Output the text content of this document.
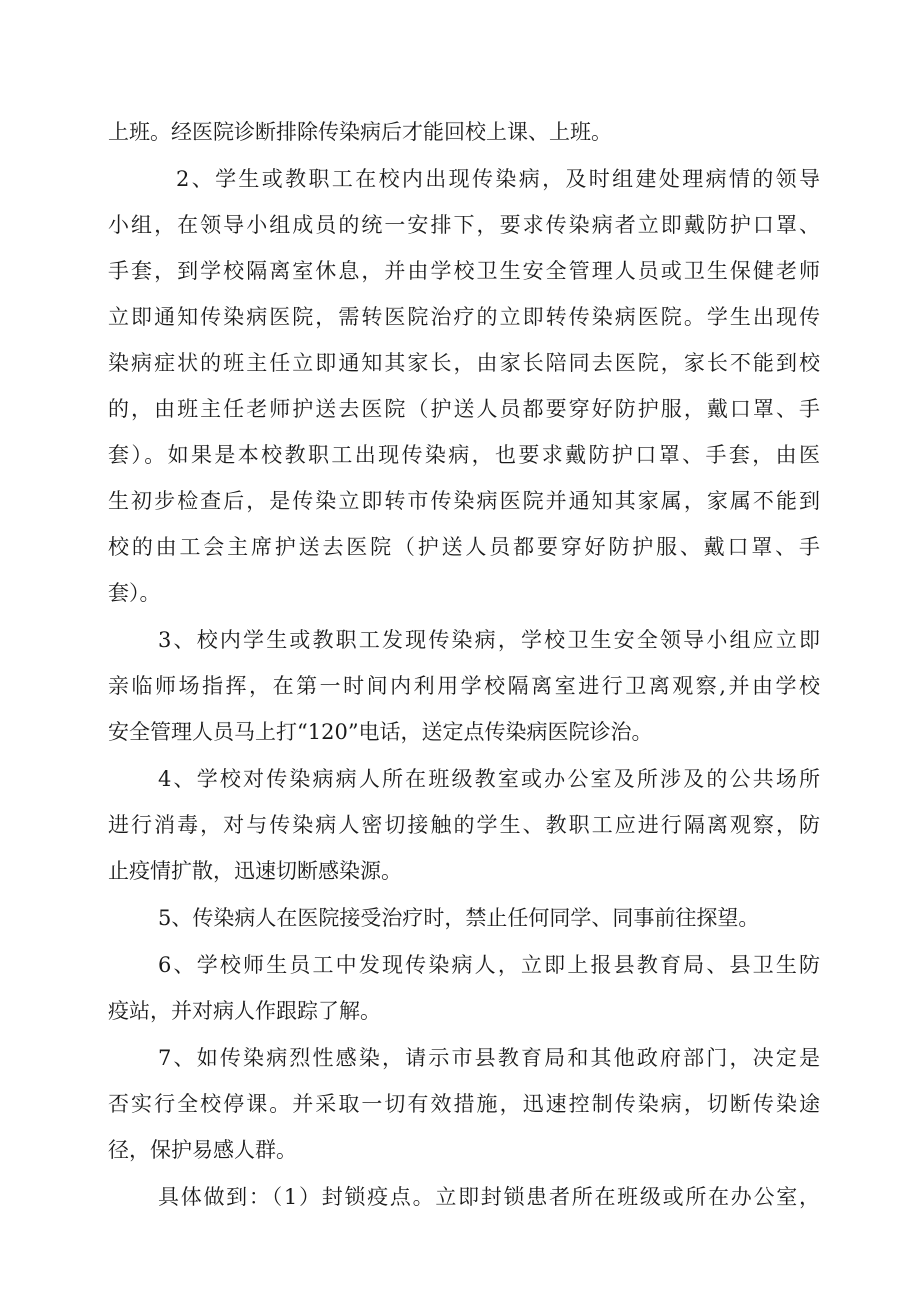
上班。经医院诊断排除传染病后才能回校上课、上班。
2、学生或教职工在校内出现传染病，及时组建处理病情的领导
小组，在领导小组成员的统一安排下，要求传染病者立即戴防护口罩、
手套，到学校隔离室休息，并由学校卫生安全管理人员或卫生保健老师
立即通知传染病医院，需转医院治疗的立即转传染病医院。学生出现传
染病症状的班主任立即通知其家长，由家长陪同去医院，家长不能到校
的，由班主任老师护送去医院（护送人员都要穿好防护服，戴口罩、手
套）。如果是本校教职工出现传染病，也要求戴防护口罩、手套，由医
生初步检查后，是传染立即转市传染病医院并通知其家属，家属不能到
校的由工会主席护送去医院（护送人员都要穿好防护服、戴口罩、手
套）。
3、校内学生或教职工发现传染病，学校卫生安全领导小组应立即
亲临师场指挥，在第一时间内利用学校隔离室进行卫离观察,并由学校
安全管理人员马上打“120”电话，送定点传染病医院诊治。
4、学校对传染病病人所在班级教室或办公室及所涉及的公共场所
进行消毒，对与传染病人密切接触的学生、教职工应进行隔离观察，防
止疫情扩散，迅速切断感染源。
5、传染病人在医院接受治疗时，禁止任何同学、同事前往探望。
6、学校师生员工中发现传染病人，立即上报县教育局、县卫生防
疫站，并对病人作跟踪了解。
7、如传染病烈性感染，请示市县教育局和其他政府部门，决定是
否实行全校停课。并采取一切有效措施，迅速控制传染病，切断传染途
径，保护易感人群。
具体做到：（1）封锁疫点。立即封锁患者所在班级或所在办公室，
